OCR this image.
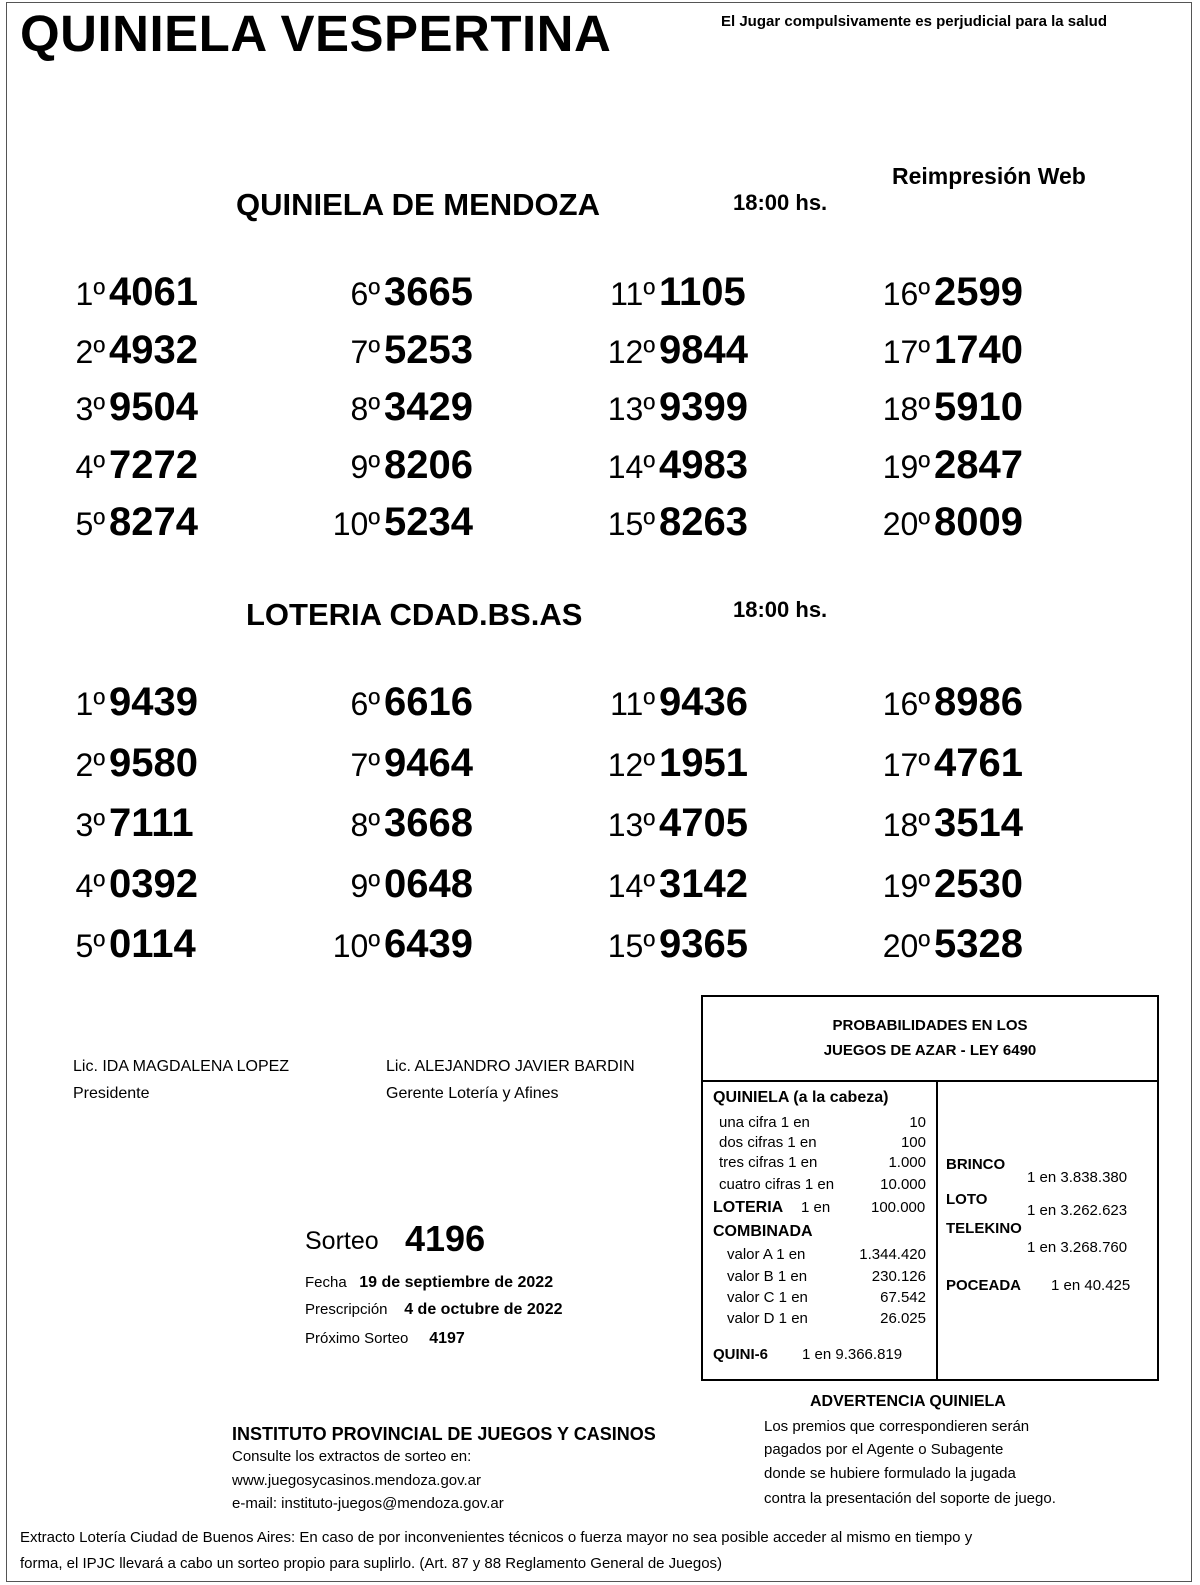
QUINIELA VESPERTINA	El Jugar compulsivamente es perjudicial para la salud
Reimpresión Web
QUINIELA DE MENDOZA	18:00 hs.
1º 4061
2º 4932
3º 9504
4º 7272
5º 8274
6º 3665
7º 5253
8º 3429
9º 8206
10º 5234
11º 1105
12º 9844
13º 9399
14º 4983
15º 8263
16º 2599
17º 1740
18º 5910
19º 2847
20º 8009
LOTERIA CDAD.BS.AS	18:00 hs.
1º 9439
2º 9580
3º 7111
4º 0392
5º 0114
6º 6616
7º 9464
8º 3668
9º 0648
10º 6439
11º 9436
12º 1951
13º 4705
14º 3142
15º 9365
16º 8986
17º 4761
18º 3514
19º 2530
20º 5328
Lic. IDA MAGDALENA LOPEZ
Presidente
Lic. ALEJANDRO JAVIER BARDIN
Gerente Lotería y Afines
Sorteo 4196
Fecha 19 de septiembre de 2022
Prescripción 4 de octubre de 2022
Próximo Sorteo 4197
PROBABILIDADES EN LOS
JUEGOS DE AZAR - LEY 6490
QUINIELA (a la cabeza)
una cifra 1 en	10
dos cifras 1 en	100
tres cifras 1 en	1.000
cuatro cifras 1 en	10.000
LOTERIA 1 en	100.000
COMBINADA
valor A 1 en	1.344.420
valor B 1 en	230.126
valor C 1 en	67.542
valor D 1 en	26.025
QUINI-6 1 en 9.366.819
BRINCO
1 en 3.838.380
LOTO
1 en 3.262.623
TELEKINO
1 en 3.268.760
POCEADA 1 en 40.425
INSTITUTO PROVINCIAL DE JUEGOS Y CASINOS
Consulte los extractos de sorteo en:
www.juegosycasinos.mendoza.gov.ar
e-mail: instituto-juegos@mendoza.gov.ar
ADVERTENCIA QUINIELA
Los premios que correspondieren serán
pagados por el Agente o Subagente
donde se hubiere formulado la jugada
contra la presentación del soporte de juego.
Extracto Lotería Ciudad de Buenos Aires: En caso de por inconvenientes técnicos o fuerza mayor no sea posible acceder al mismo en tiempo y
forma, el IPJC llevará a cabo un sorteo propio para suplirlo. (Art. 87 y 88 Reglamento General de Juegos)
